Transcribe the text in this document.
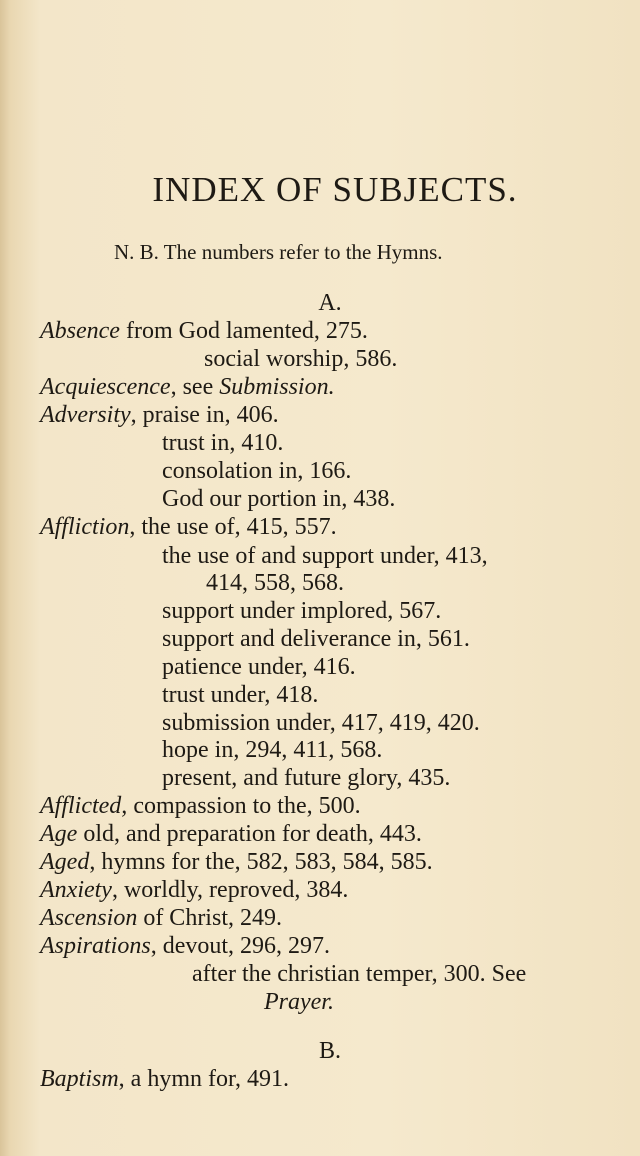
INDEX OF SUBJECTS.
N. B. The numbers refer to the Hymns.
A.
Absence from God lamented, 275.
social worship, 586.
Acquiescence, see Submission.
Adversity, praise in, 406.
trust in, 410.
consolation in, 166.
God our portion in, 438.
Affliction, the use of, 415, 557.
the use of and support under, 413,
414, 558, 568.
support under implored, 567.
support and deliverance in, 561.
patience under, 416.
trust under, 418.
submission under, 417, 419, 420.
hope in, 294, 411, 568.
present, and future glory, 435.
Afflicted, compassion to the, 500.
Age old, and preparation for death, 443.
Aged, hymns for the, 582, 583, 584, 585.
Anxiety, worldly, reproved, 384.
Ascension of Christ, 249.
Aspirations, devout, 296, 297.
after the christian temper, 300. See
Prayer.
B.
Baptism, a hymn for, 491.
